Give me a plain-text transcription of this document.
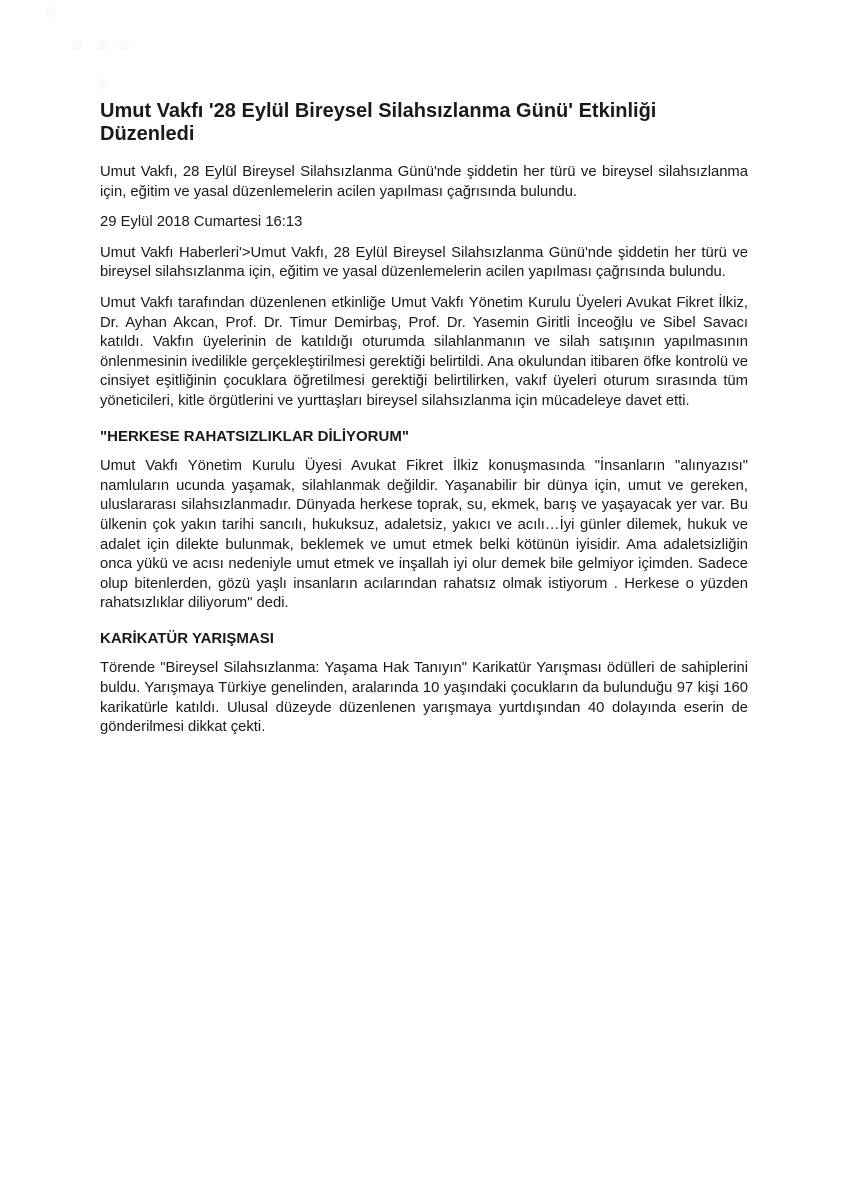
Umut Vakfı '28 Eylül Bireysel Silahsızlanma Günü' Etkinliği Düzenledi

Umut Vakfı, 28 Eylül Bireysel Silahsızlanma Günü'nde şiddetin her türü ve bireysel silahsızlanma için, eğitim ve yasal düzenlemelerin acilen yapılması çağrısında bulundu.

29 Eylül 2018 Cumartesi 16:13

Umut Vakfı Haberleri'>Umut Vakfı, 28 Eylül Bireysel Silahsızlanma Günü'nde şiddetin her türü ve bireysel silahsızlanma için, eğitim ve yasal düzenlemelerin acilen yapılması çağrısında bulundu.

Umut Vakfı tarafından düzenlenen etkinliğe Umut Vakfı Yönetim Kurulu Üyeleri Avukat Fikret İlkiz, Dr. Ayhan Akcan, Prof. Dr. Timur Demirbaş, Prof. Dr. Yasemin Giritli İnceoğlu ve Sibel Savacı katıldı. Vakfın üyelerinin de katıldığı oturumda silahlanmanın ve silah satışının yapılmasının önlenmesinin ivedilikle gerçekleştirilmesi gerektiği belirtildi. Ana okulundan itibaren öfke kontrolü ve cinsiyet eşitliğinin çocuklara öğretilmesi gerektiği belirtilirken, vakıf üyeleri oturum sırasında tüm yöneticileri, kitle örgütlerini ve yurttaşları bireysel silahsızlanma için mücadeleye davet etti.

"HERKESE RAHATSIZLIKLAR DİLİYORUM"

Umut Vakfı Yönetim Kurulu Üyesi Avukat Fikret İlkiz konuşmasında "İnsanların "alınyazısı" namluların ucunda yaşamak, silahlanmak değildir. Yaşanabilir bir dünya için, umut ve gereken, uluslararası silahsızlanmadır. Dünyada herkese toprak, su, ekmek, barış ve yaşayacak yer var. Bu ülkenin çok yakın tarihi sancılı, hukuksuz, adaletsiz, yakıcı ve acılı…İyi günler dilemek, hukuk ve adalet için dilekte bulunmak, beklemek ve umut etmek belki kötünün iyisidir. Ama adaletsizliğin onca yükü ve acısı nedeniyle umut etmek ve inşallah iyi olur demek bile gelmiyor içimden. Sadece olup bitenlerden, gözü yaşlı insanların acılarından rahatsız olmak istiyorum . Herkese o yüzden rahatsızlıklar diliyorum" dedi.

KARİKATÜR YARIŞMASI

Törende "Bireysel Silahsızlanma: Yaşama Hak Tanıyın" Karikatür Yarışması ödülleri de sahiplerini buldu. Yarışmaya Türkiye genelinden, aralarında 10 yaşındaki çocukların da bulunduğu 97 kişi 160 karikatürle katıldı. Ulusal düzeyde düzenlenen yarışmaya yurtdışından 40 dolayında eserin de gönderilmesi dikkat çekti.
